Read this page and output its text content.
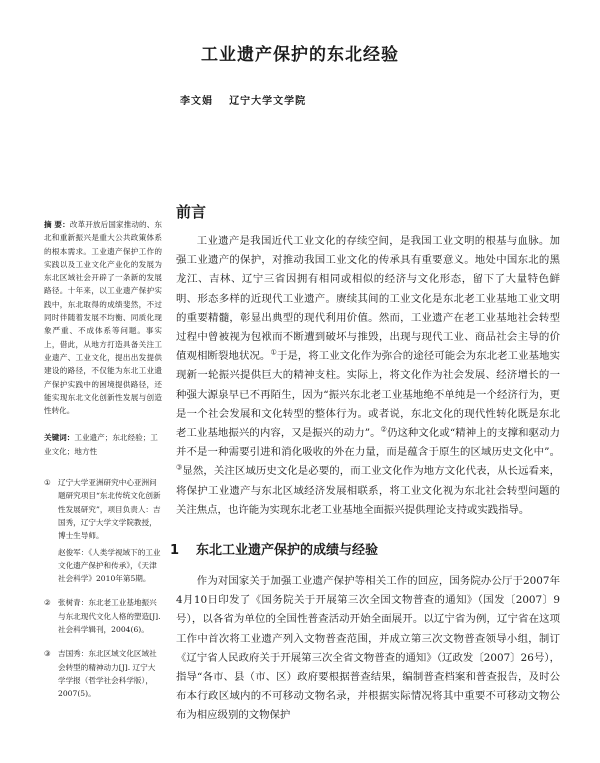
工业遗产保护的东北经验
李文娟 辽宁大学文学院
摘 要：改革开放后国家推动的、东北和重新振兴是重大公共政策体系的根本需求。工业遗产保护工作的实践以及工业文化产业化的发展为东北区域社会开辟了一条新的发展路径。十年来，以工业遗产保护实践中，东北取得的成绩斐然，不过同时伴随着发展不均衡、同质化现象严重、不成体系等问题。事实上，借此，从地方打造具备关注工业遗产、工业文化，提出出发提供建设的路径，不仅能为东北工业遗产保护实践中的困境提供路径，还能实现东北文化创新性发展与创造性转化。
关键词：工业遗产；东北经验；工业文化；地方性
① 辽宁大学亚洲研究中心亚洲问题研究项目“东北传统文化创新性发展研究”，项目负责人：吉国秀，辽宁大学文学院教授，博士生导师。

赵俊军：《人类学视域下的工业文化遗产保护和传承》，《天津社会科学》2010年第5期。

② 张树青：东北老工业基地振兴与东北现代文化人格的塑造[J]. 社会科学辑刊，2004(6)。

③ 吉国秀：东北区域文化区域社会转型的精神动力[J]. 辽宁大学学报（哲学社会科学版），2007(5)。

前言

工业遗产是我国近代工业文化的存续空间，是我国工业文明的根基与血脉。加强工业遗产的保护，对推动我国工业文化的传承具有重要意义。地处中国东北的黑龙江、吉林、辽宁三省因拥有相同或相似的经济与文化形态，留下了大量特色鲜明、形态多样的近现代工业遗产。赓续其间的工业文化是东北老工业基地工业文明的重要精髓，彰显出典型的现代利用价值。然而，工业遗产在老工业基地社会转型过程中曾被视为包袱而不断遭到破坏与推毁，出现与现代工业、商品社会主导的价值观相断裂地状况。①于是，将工业文化作为弥合的途径可能会为东北老工业基地实现新一轮振兴提供巨大的精神支柱。实际上，将文化作为社会发展、经济增长的一种强大源泉早已不再陌生，因为“振兴东北老工业基地绝不单纯是一个经济行为，更是一个社会发展和文化转型的整体行为。或者说，东北文化的现代性转化既是东北老工业基地振兴的内容，又是振兴的动力”。②仍这种文化或“精神上的支撑和驱动力并不是一种需要引进和消化吸收的外在力量，而是蕴含于原生的区域历史文化中”。③显然，关注区域历史文化是必要的，而工业文化作为地方文化代表，从长远看来，将保护工业遗产与东北区域经济发展相联系，将工业文化视为东北社会转型问题的关注焦点，也许能为实现东北老工业基地全面振兴提供理论支持或实践指导。

1 东北工业遗产保护的成绩与经验

作为对国家关于加强工业遗产保护等相关工作的回应，国务院办公厅于2007年4月10日印发了《国务院关于开展第三次全国文物普查的通知》（国发〔2007〕9号），以各省为单位的全国性普查活动开始全面展开。以辽宁省为例，辽宁省在这项工作中首次将工业遗产列入文物普查范围，并成立第三次文物普查领导小组，制订《辽宁省人民政府关于开展第三次全省文物普查的通知》（辽政发〔2007〕26号），指导“各市、县（市、区）政府要根据普查结果，编制普查档案和普查报告，及时公布本行政区域内的不可移动文物名录，并根据实际情况将其中重要不可移动文物公布为相应级别的文物保护
